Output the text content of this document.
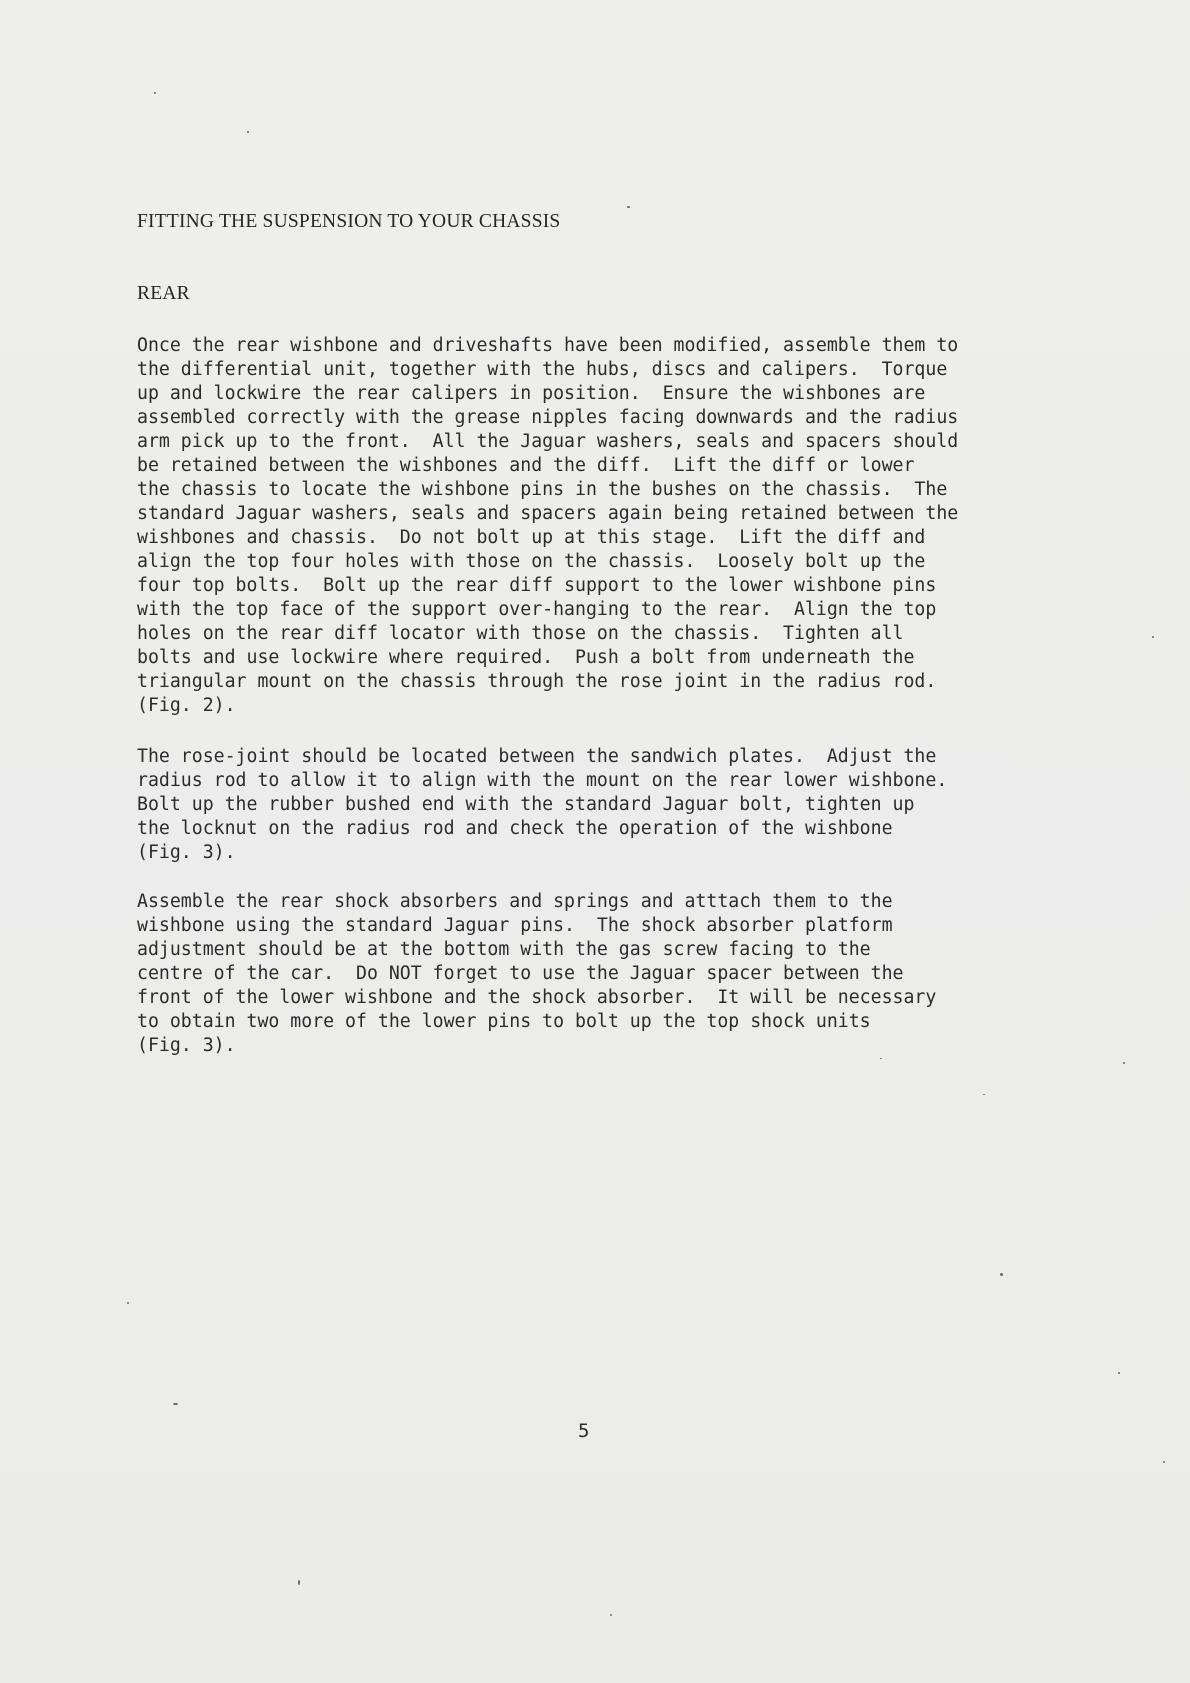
FITTING THE SUSPENSION TO YOUR CHASSIS
REAR

Once the rear wishbone and driveshafts have been modified, assemble them to
the differential unit, together with the hubs, discs and calipers.  Torque
up and lockwire the rear calipers in position.  Ensure the wishbones are
assembled correctly with the grease nipples facing downwards and the radius
arm pick up to the front.  All the Jaguar washers, seals and spacers should
be retained between the wishbones and the diff.  Lift the diff or lower
the chassis to locate the wishbone pins in the bushes on the chassis.  The
standard Jaguar washers, seals and spacers again being retained between the
wishbones and chassis.  Do not bolt up at this stage.  Lift the diff and
align the top four holes with those on the chassis.  Loosely bolt up the
four top bolts.  Bolt up the rear diff support to the lower wishbone pins
with the top face of the support over-hanging to the rear.  Align the top
holes on the rear diff locator with those on the chassis.  Tighten all
bolts and use lockwire where required.  Push a bolt from underneath the
triangular mount on the chassis through the rose joint in the radius rod.
(Fig. 2).

The rose-joint should be located between the sandwich plates.  Adjust the
radius rod to allow it to align with the mount on the rear lower wishbone.
Bolt up the rubber bushed end with the standard Jaguar bolt, tighten up
the locknut on the radius rod and check the operation of the wishbone
(Fig. 3).

Assemble the rear shock absorbers and springs and atttach them to the
wishbone using the standard Jaguar pins.  The shock absorber platform
adjustment should be at the bottom with the gas screw facing to the
centre of the car.  Do NOT forget to use the Jaguar spacer between the
front of the lower wishbone and the shock absorber.  It will be necessary
to obtain two more of the lower pins to bolt up the top shock units
(Fig. 3).

5
